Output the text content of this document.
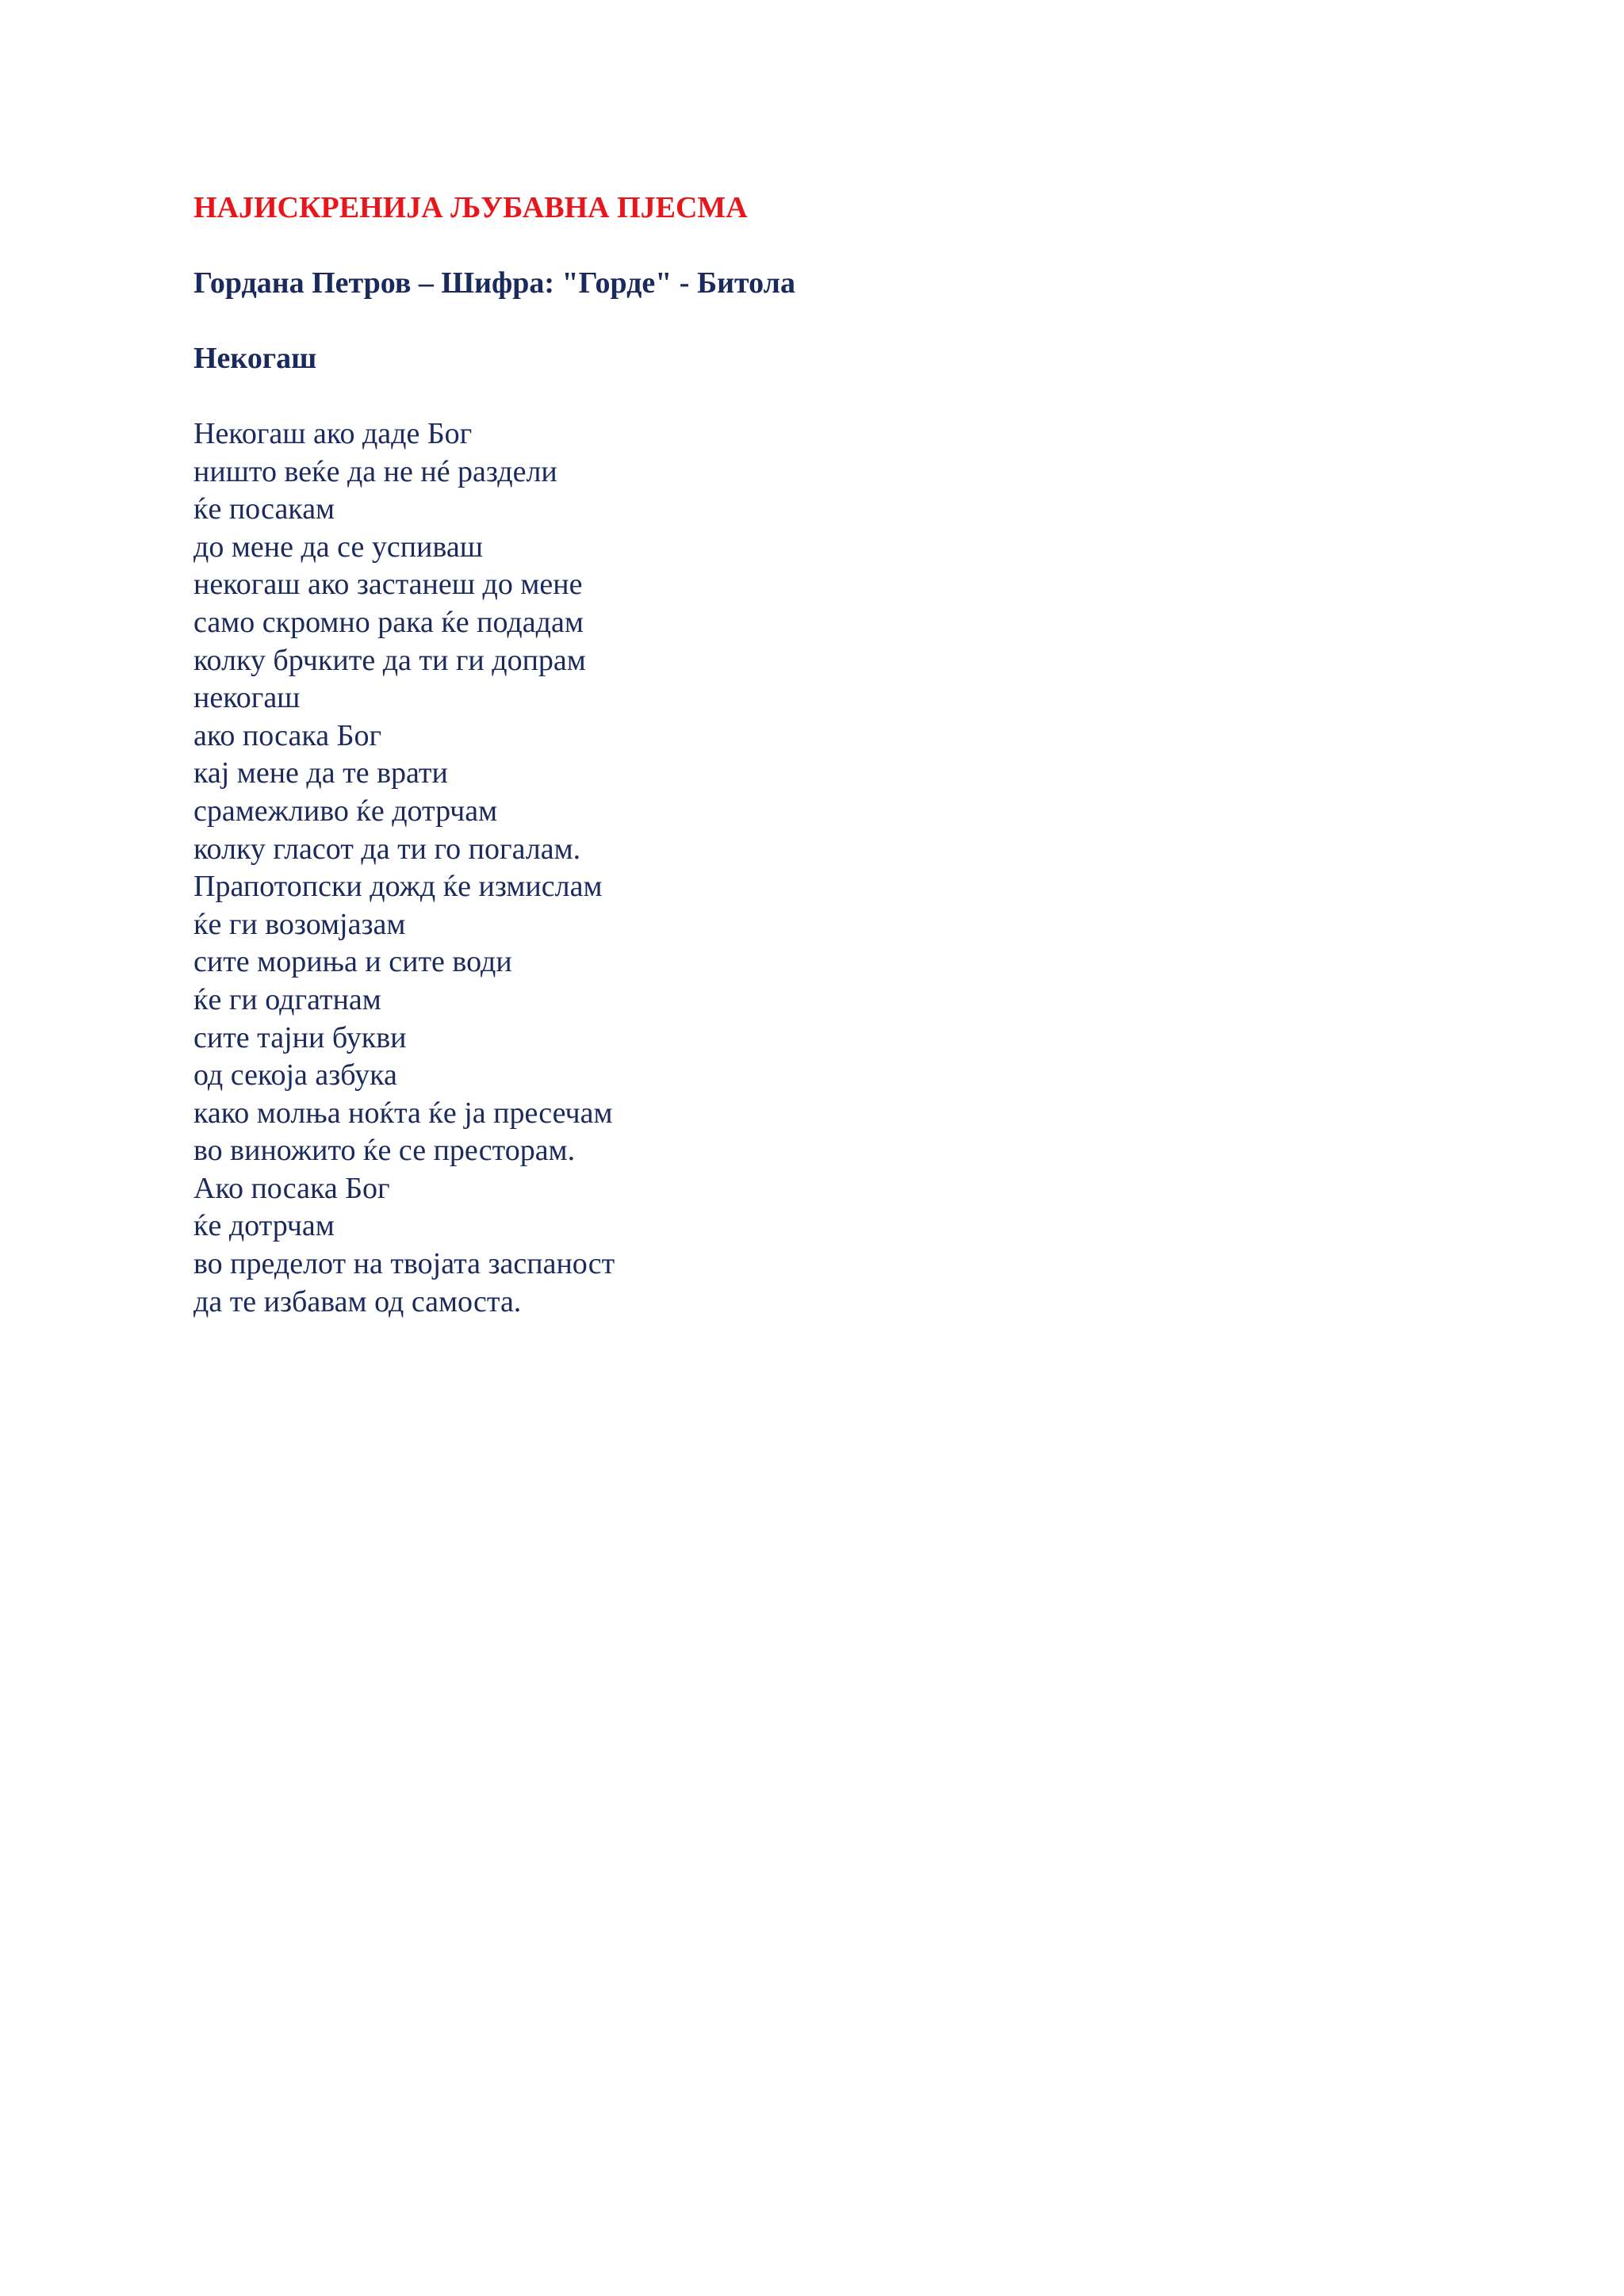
НАЈИСКРЕНИЈА ЉУБАВНА ПЈЕСМА
Гордана Петров – Шифра: "Горде" - Битола
Некогаш
Некогаш ако даде Бог
ништо веќе да не нé раздели
ќе посакам
до мене да се успиваш
некогаш ако застанеш до мене
само скромно рака ќе подадам
колку брчките да ти ги допрам
некогаш
ако посака Бог
кај мене да те врати
срамежливо ќе дотрчам
колку гласот да ти го погалам.
Прапотопски дожд ќе измислам
ќе ги возомјазам
сите морињa и сите води
ќе ги одгатнам
сите тајни букви
од секоја азбука
како молња ноќта ќе ја пресечам
во виножито ќе се престорам.
Ако посака Бог
ќе дотрчам
во пределот на твојата заспаност
да те избавам од самоста.
